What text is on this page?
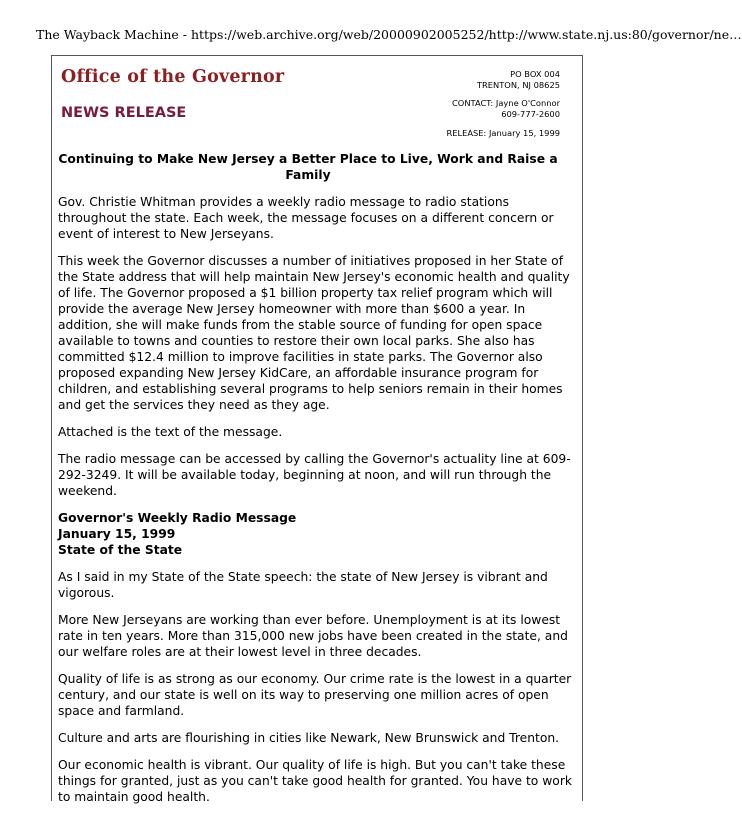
The Wayback Machine - https://web.archive.org/web/20000902005252/http://www.state.nj.us:80/governor/ne…
Office of the Governor
NEWS RELEASE
PO BOX 004
TRENTON, NJ 08625
CONTACT: Jayne O'Connor
609-777-2600
RELEASE: January 15, 1999
Continuing to Make New Jersey a Better Place to Live, Work and Raise a Family

Gov. Christie Whitman provides a weekly radio message to radio stations throughout the state. Each week, the message focuses on a different concern or event of interest to New Jerseyans.

This week the Governor discusses a number of initiatives proposed in her State of the State address that will help maintain New Jersey's economic health and quality of life. The Governor proposed a $1 billion property tax relief program which will provide the average New Jersey homeowner with more than $600 a year. In addition, she will make funds from the stable source of funding for open space available to towns and counties to restore their own local parks. She also has committed $12.4 million to improve facilities in state parks. The Governor also proposed expanding New Jersey KidCare, an affordable insurance program for children, and establishing several programs to help seniors remain in their homes and get the services they need as they age.

Attached is the text of the message.

The radio message can be accessed by calling the Governor's actuality line at 609-292-3249. It will be available today, beginning at noon, and will run through the weekend.

Governor's Weekly Radio Message
January 15, 1999
State of the State

As I said in my State of the State speech: the state of New Jersey is vibrant and vigorous.

More New Jerseyans are working than ever before. Unemployment is at its lowest rate in ten years. More than 315,000 new jobs have been created in the state, and our welfare roles are at their lowest level in three decades.

Quality of life is as strong as our economy. Our crime rate is the lowest in a quarter century, and our state is well on its way to preserving one million acres of open space and farmland.

Culture and arts are flourishing in cities like Newark, New Brunswick and Trenton.

Our economic health is vibrant. Our quality of life is high. But you can't take these things for granted, just as you can't take good health for granted. You have to work to maintain good health.
